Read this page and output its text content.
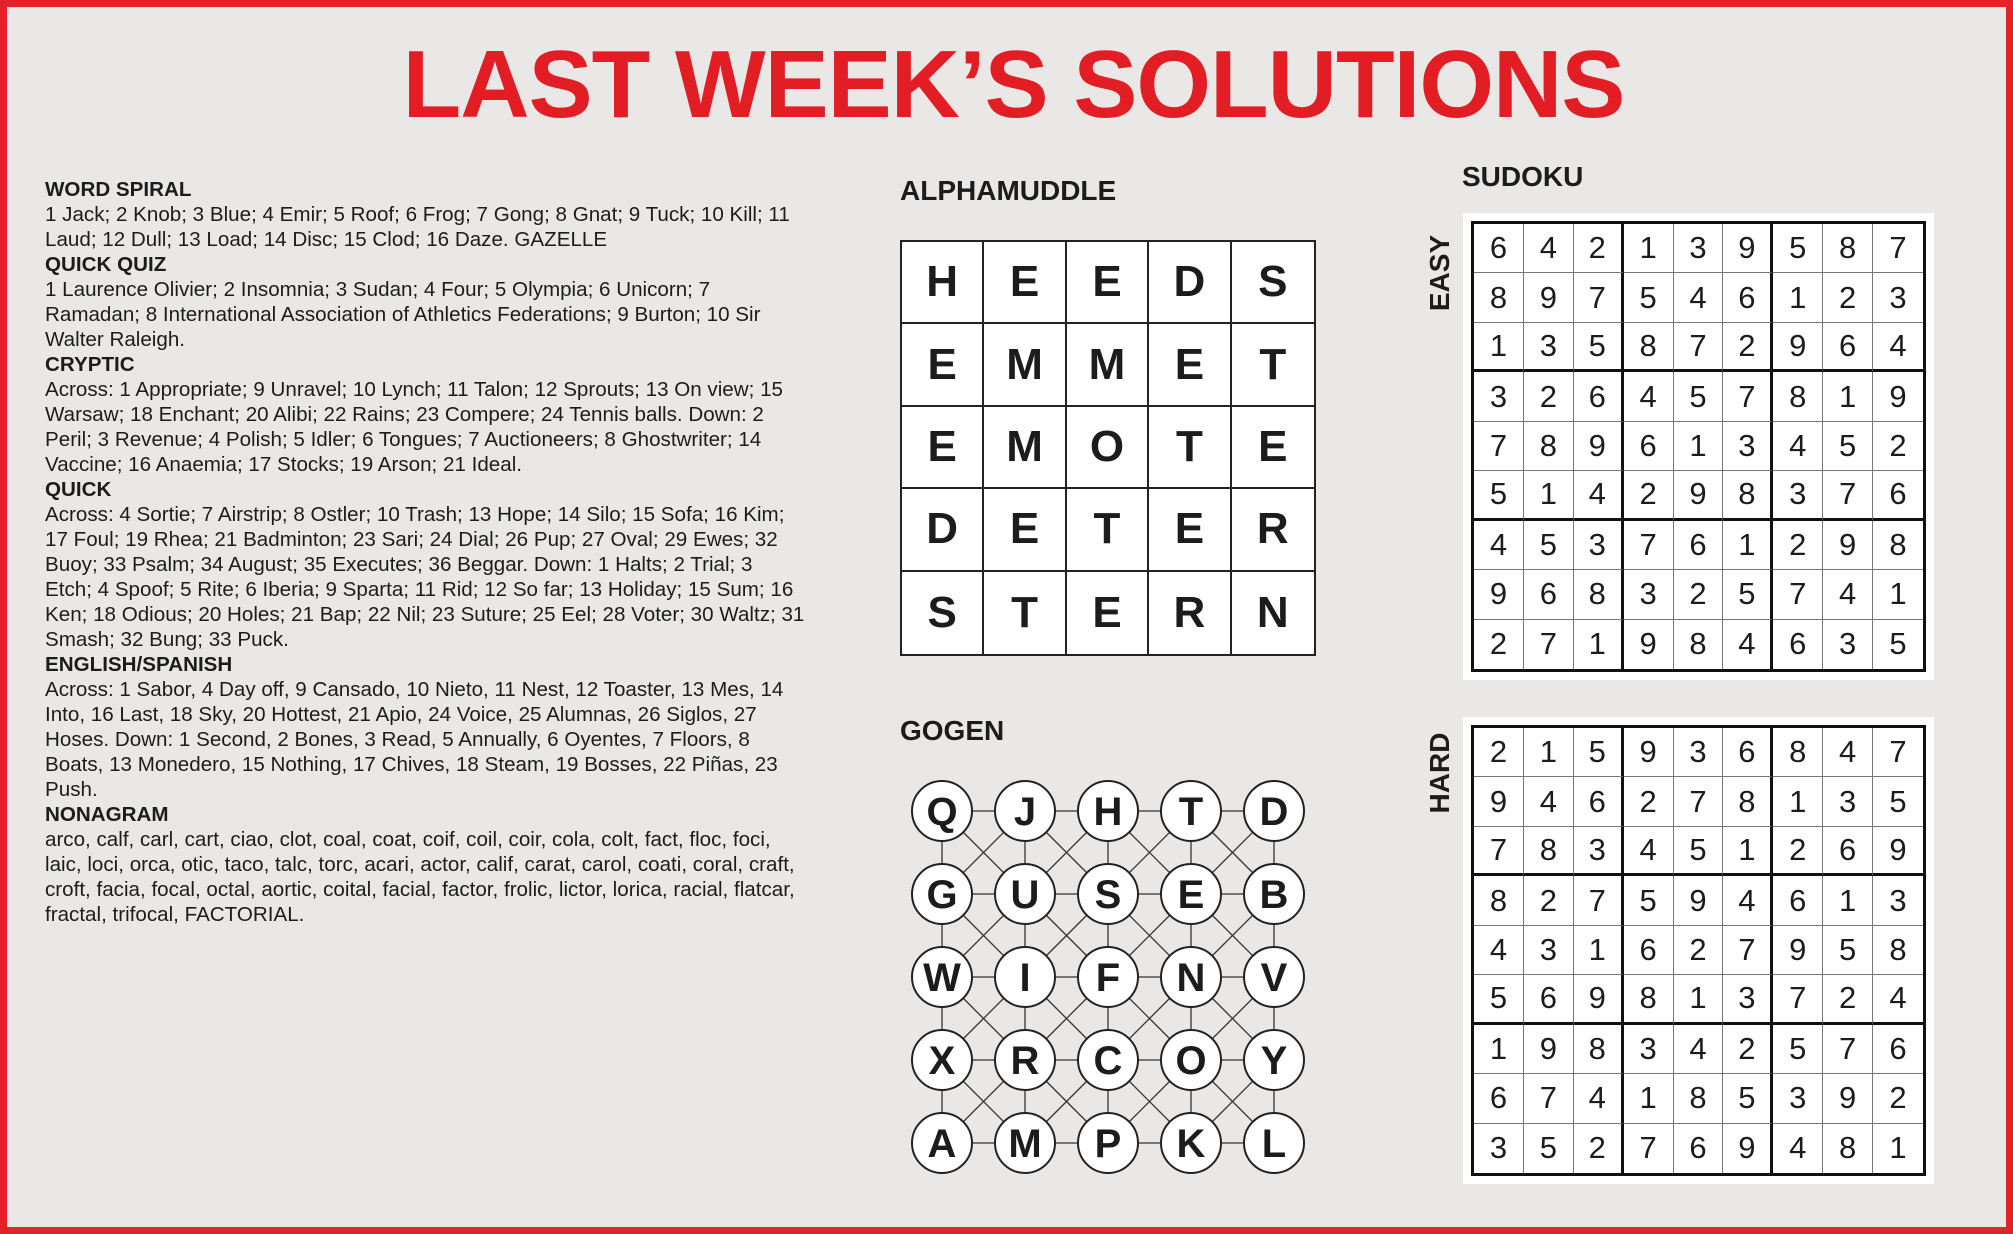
LAST WEEK’S SOLUTIONS
WORD SPIRAL
1 Jack; 2 Knob; 3 Blue; 4 Emir; 5 Roof; 6 Frog; 7 Gong; 8 Gnat; 9 Tuck; 10 Kill; 11 Laud; 12 Dull; 13 Load; 14 Disc; 15 Clod; 16 Daze. GAZELLE
QUICK QUIZ
1 Laurence Olivier; 2 Insomnia; 3 Sudan; 4 Four; 5 Olympia; 6 Unicorn; 7 Ramadan; 8 International Association of Athletics Federations; 9 Burton; 10 Sir Walter Raleigh.
CRYPTIC
Across: 1 Appropriate; 9 Unravel; 10 Lynch; 11 Talon; 12 Sprouts; 13 On view; 15 Warsaw; 18 Enchant; 20 Alibi; 22 Rains; 23 Compere; 24 Tennis balls. Down: 2 Peril; 3 Revenue; 4 Polish; 5 Idler; 6 Tongues; 7 Auctioneers; 8 Ghostwriter; 14 Vaccine; 16 Anaemia; 17 Stocks; 19 Arson; 21 Ideal.
QUICK
Across: 4 Sortie; 7 Airstrip; 8 Ostler; 10 Trash; 13 Hope; 14 Silo; 15 Sofa; 16 Kim; 17 Foul; 19 Rhea; 21 Badminton; 23 Sari; 24 Dial; 26 Pup; 27 Oval; 29 Ewes; 32 Buoy; 33 Psalm; 34 August; 35 Executes; 36 Beggar. Down: 1 Halts; 2 Trial; 3 Etch; 4 Spoof; 5 Rite; 6 Iberia; 9 Sparta; 11 Rid; 12 So far; 13 Holiday; 15 Sum; 16 Ken; 18 Odious; 20 Holes; 21 Bap; 22 Nil; 23 Suture; 25 Eel; 28 Voter; 30 Waltz; 31 Smash; 32 Bung; 33 Puck.
ENGLISH/SPANISH
Across: 1 Sabor, 4 Day off, 9 Cansado, 10 Nieto, 11 Nest, 12 Toaster, 13 Mes, 14 Into, 16 Last, 18 Sky, 20 Hottest, 21 Apio, 24 Voice, 25 Alumnas, 26 Siglos, 27 Hoses. Down: 1 Second, 2 Bones, 3 Read, 5 Annually, 6 Oyentes, 7 Floors, 8 Boats, 13 Monedero, 15 Nothing, 17 Chives, 18 Steam, 19 Bosses, 22 Piñas, 23 Push.
NONAGRAM
arco, calf, carl, cart, ciao, clot, coal, coat, coif, coil, coir, cola, colt, fact, floc, foci, laic, loci, orca, otic, taco, talc, torc, acari, actor, calif, carat, carol, coati, coral, craft, croft, facia, focal, octal, aortic, coital, facial, factor, frolic, lictor, lorica, racial, flatcar, fractal, trifocal, FACTORIAL.
ALPHAMUDDLE
H	E	E	D	S
E	M	M	E	T
E	M	O	T	E
D	E	T	E	R
S	T	E	R	N
GOGEN
Q J H T D
G U S E B
W I F N V
X R C O Y
A M P K L
SUDOKU
EASY	6	4	2	1	3	9	5	8	7
8	9	7	5	4	6	1	2	3
1	3	5	8	7	2	9	6	4
3	2	6	4	5	7	8	1	9
7	8	9	6	1	3	4	5	2
5	1	4	2	9	8	3	7	6
4	5	3	7	6	1	2	9	8
9	6	8	3	2	5	7	4	1
2	7	1	9	8	4	6	3	5
HARD	2	1	5	9	3	6	8	4	7
9	4	6	2	7	8	1	3	5
7	8	3	4	5	1	2	6	9
8	2	7	5	9	4	6	1	3
4	3	1	6	2	7	9	5	8
5	6	9	8	1	3	7	2	4
1	9	8	3	4	2	5	7	6
6	7	4	1	8	5	3	9	2
3	5	2	7	6	9	4	8	1
